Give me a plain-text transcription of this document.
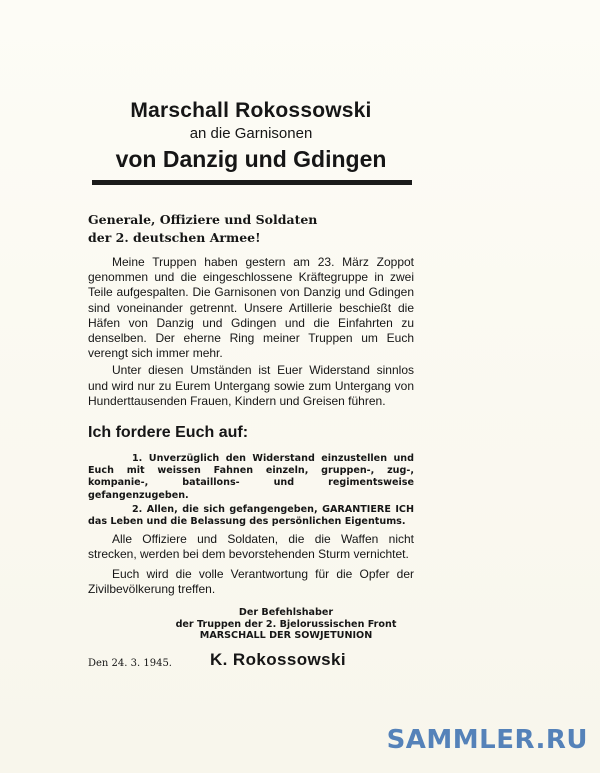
Marschall Rokossowski

an die Garnisonen

von Danzig und Gdingen

Generale, Offiziere und Soldaten
der 2. deutschen Armee!

Meine Truppen haben gestern am 23. März Zoppot genommen und die eingeschlossene Kräftegruppe in zwei Teile aufgespalten. Die Garnisonen von Danzig und Gdingen sind voneinander getrennt. Unsere Artillerie beschießt die Häfen von Danzig und Gdingen und die Einfahrten zu denselben. Der eherne Ring meiner Truppen um Euch verengt sich immer mehr.

Unter diesen Umständen ist Euer Widerstand sinnlos und wird nur zu Eurem Untergang sowie zum Untergang von Hunderttausenden Frauen, Kindern und Greisen führen.

Ich fordere Euch auf:

1. Unverzüglich den Widerstand einzustellen und Euch mit weissen Fahnen einzeln, gruppen-, zug-, kompanie-, bataillons- und regimentsweise gefangenzugeben.

2. Allen, die sich gefangengeben, GARANTIERE ICH das Leben und die Belassung des persönlichen Eigentums.

Alle Offiziere und Soldaten, die die Waffen nicht strecken, werden bei dem bevorstehenden Sturm vernichtet.

Euch wird die volle Verantwortung für die Opfer der Zivilbevölkerung treffen.

Der Befehlshaber
der Truppen der 2. Bjelorussischen Front
MARSCHALL DER SOWJETUNION
Den 24. 3. 1945. K. Rokossowski
SAMMLER.RU
